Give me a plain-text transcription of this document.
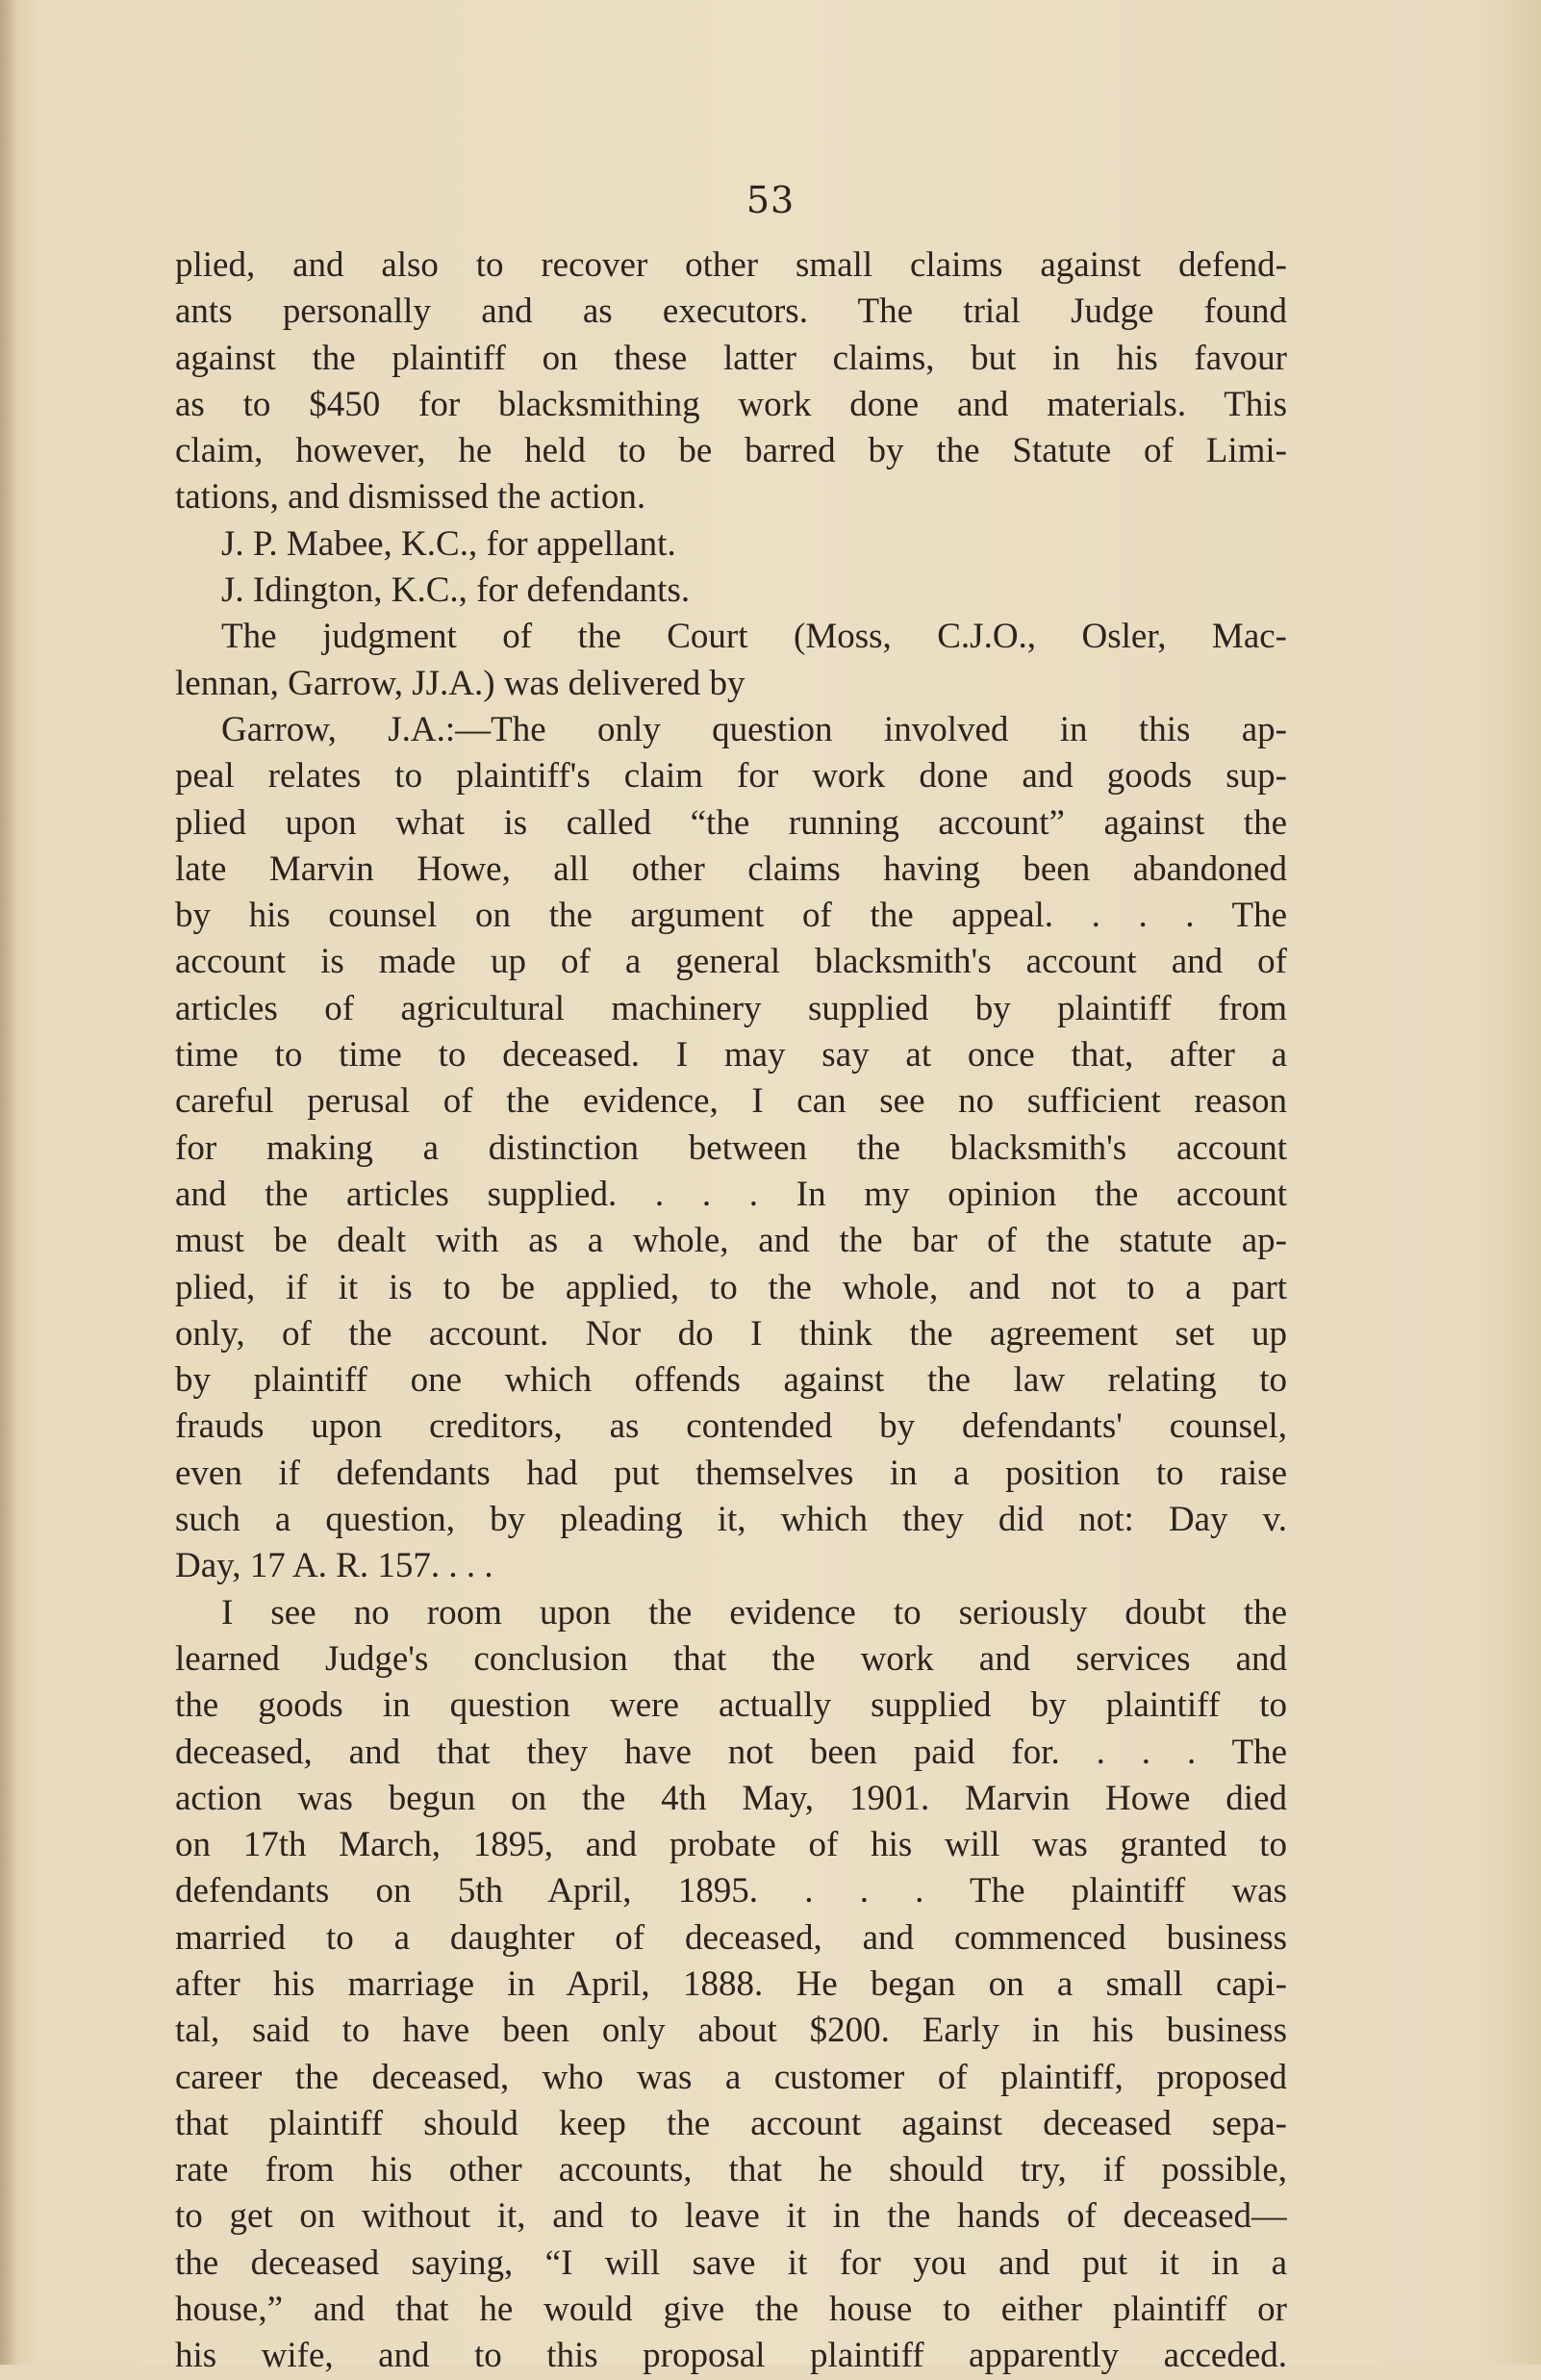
53
plied, and also to recover other small claims against defend-
ants personally and as executors. The trial Judge found
against the plaintiff on these latter claims, but in his favour
as to $450 for blacksmithing work done and materials. This
claim, however, he held to be barred by the Statute of Limi-
tations, and dismissed the action.
J. P. Mabee, K.C., for appellant.
J. Idington, K.C., for defendants.
The judgment of the Court (Moss, C.J.O., Osler, Mac-
lennan, Garrow, JJ.A.) was delivered by
Garrow, J.A.:—The only question involved in this ap-
peal relates to plaintiff's claim for work done and goods sup-
plied upon what is called “the running account” against the
late Marvin Howe, all other claims having been abandoned
by his counsel on the argument of the appeal. . . . The
account is made up of a general blacksmith's account and of
articles of agricultural machinery supplied by plaintiff from
time to time to deceased. I may say at once that, after a
careful perusal of the evidence, I can see no sufficient reason
for making a distinction between the blacksmith's account
and the articles supplied. . . . In my opinion the account
must be dealt with as a whole, and the bar of the statute ap-
plied, if it is to be applied, to the whole, and not to a part
only, of the account. Nor do I think the agreement set up
by plaintiff one which offends against the law relating to
frauds upon creditors, as contended by defendants' counsel,
even if defendants had put themselves in a position to raise
such a question, by pleading it, which they did not: Day v.
Day, 17 A. R. 157. . . .
I see no room upon the evidence to seriously doubt the
learned Judge's conclusion that the work and services and
the goods in question were actually supplied by plaintiff to
deceased, and that they have not been paid for. . . . The
action was begun on the 4th May, 1901. Marvin Howe died
on 17th March, 1895, and probate of his will was granted to
defendants on 5th April, 1895. . . . The plaintiff was
married to a daughter of deceased, and commenced business
after his marriage in April, 1888. He began on a small capi-
tal, said to have been only about $200. Early in his business
career the deceased, who was a customer of plaintiff, proposed
that plaintiff should keep the account against deceased sepa-
rate from his other accounts, that he should try, if possible,
to get on without it, and to leave it in the hands of deceased—
the deceased saying, “I will save it for you and put it in a
house,” and that he would give the house to either plaintiff or
his wife, and to this proposal plaintiff apparently acceded.
